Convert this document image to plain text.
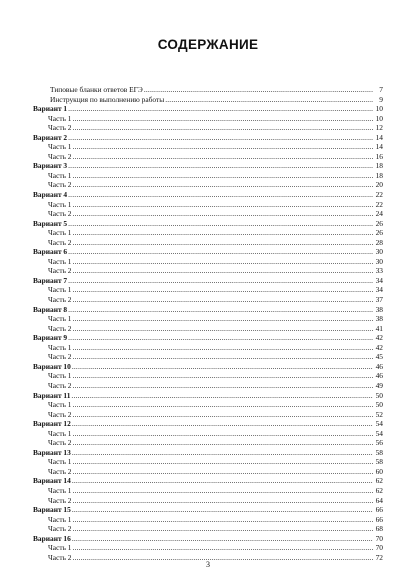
СОДЕРЖАНИЕ
Типовые бланки ответов ЕГЭ .....	7
Инструкция по выполнению работы .....	9
Вариант 1 .....	10
Часть 1 .....	10
Часть 2 .....	12
Вариант 2 .....	14
Часть 1 .....	14
Часть 2 .....	16
Вариант 3 .....	18
Часть 1 .....	18
Часть 2 .....	20
Вариант 4 .....	22
Часть 1 .....	22
Часть 2 .....	24
Вариант 5 .....	26
Часть 1 .....	26
Часть 2 .....	28
Вариант 6 .....	30
Часть 1 .....	30
Часть 2 .....	33
Вариант 7 .....	34
Часть 1 .....	34
Часть 2 .....	37
Вариант 8 .....	38
Часть 1 .....	38
Часть 2 .....	41
Вариант 9 .....	42
Часть 1 .....	42
Часть 2 .....	45
Вариант 10 .....	46
Часть 1 .....	46
Часть 2 .....	49
Вариант 11 .....	50
Часть 1 .....	50
Часть 2 .....	52
Вариант 12 .....	54
Часть 1 .....	54
Часть 2 .....	56
Вариант 13 .....	58
Часть 1 .....	58
Часть 2 .....	60
Вариант 14 .....	62
Часть 1 .....	62
Часть 2 .....	64
Вариант 15 .....	66
Часть 1 .....	66
Часть 2 .....	68
Вариант 16 .....	70
Часть 1 .....	70
Часть 2 .....	72
3
